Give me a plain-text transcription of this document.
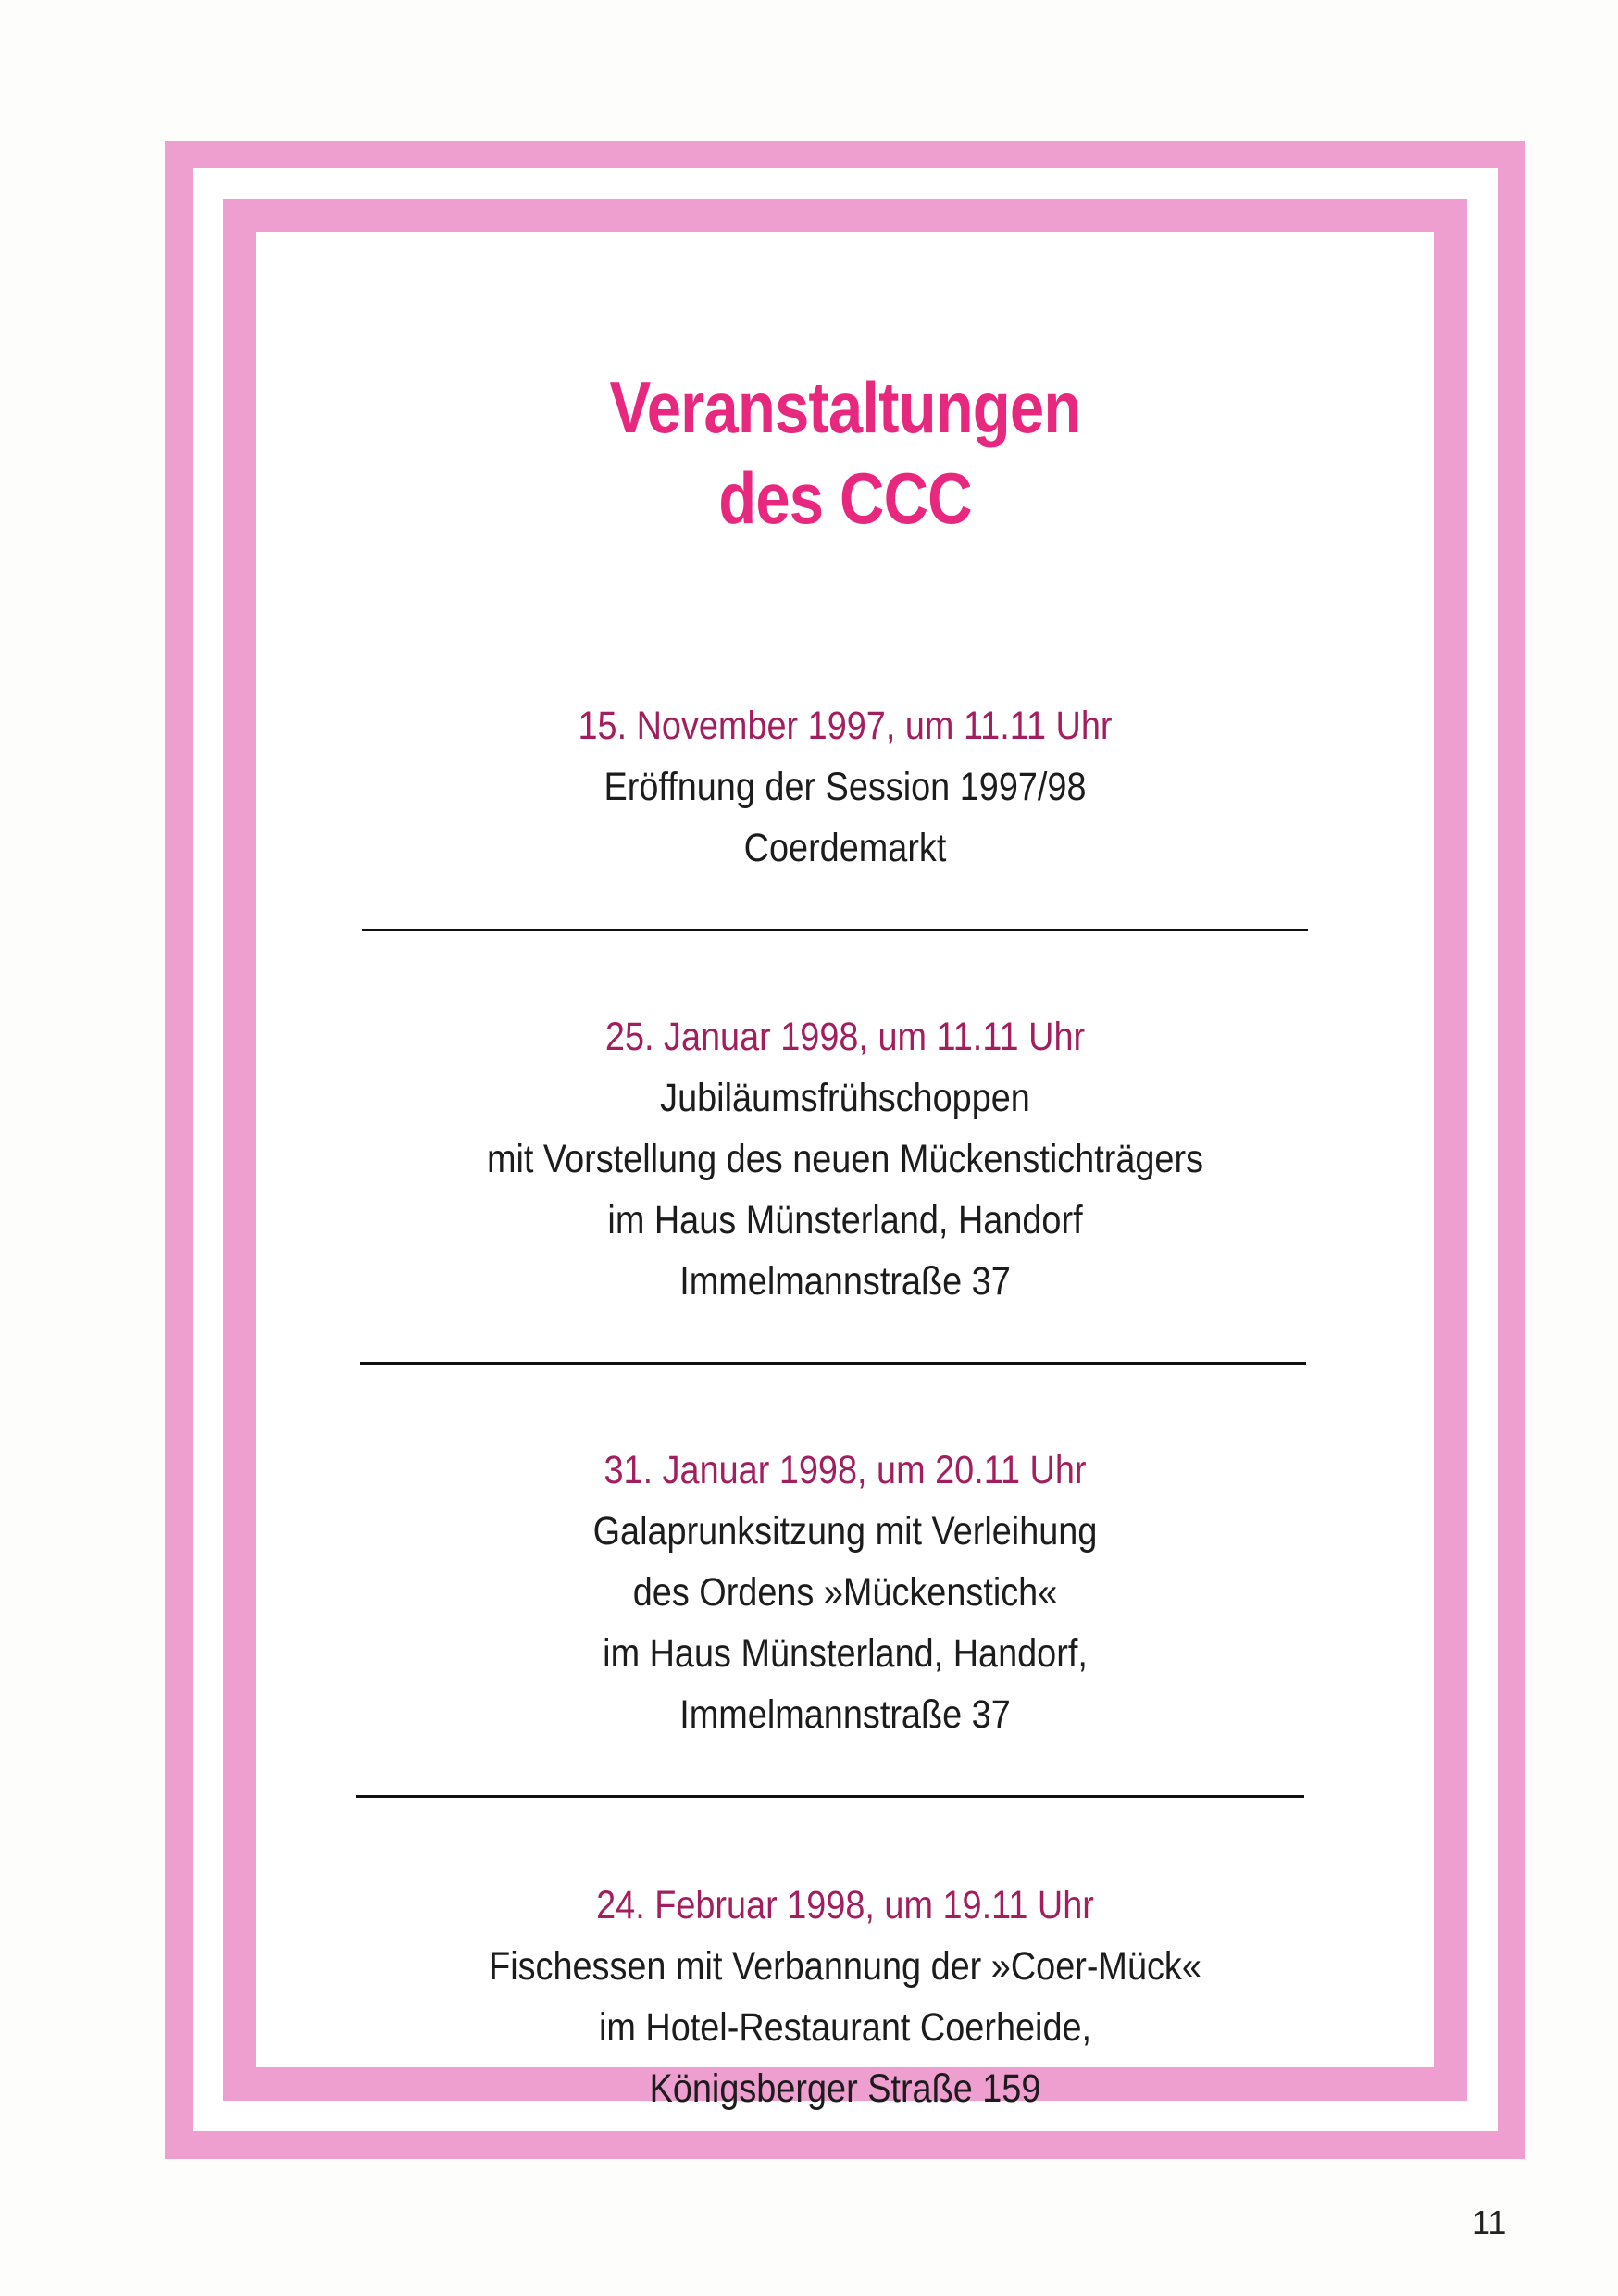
Veranstaltungen
des CCC
15. November 1997, um 11.11 Uhr
Eröffnung der Session 1997/98
Coerdemarkt
25. Januar 1998, um 11.11 Uhr
Jubiläumsfrühschoppen
mit Vorstellung des neuen Mückenstichträgers
im Haus Münsterland, Handorf
Immelmannstraße 37
31. Januar 1998, um 20.11 Uhr
Galaprunksitzung mit Verleihung
des Ordens »Mückenstich«
im Haus Münsterland, Handorf,
Immelmannstraße 37
24. Februar 1998, um 19.11 Uhr
Fischessen mit Verbannung der »Coer-Mück«
im Hotel-Restaurant Coerheide,
Königsberger Straße 159
11
